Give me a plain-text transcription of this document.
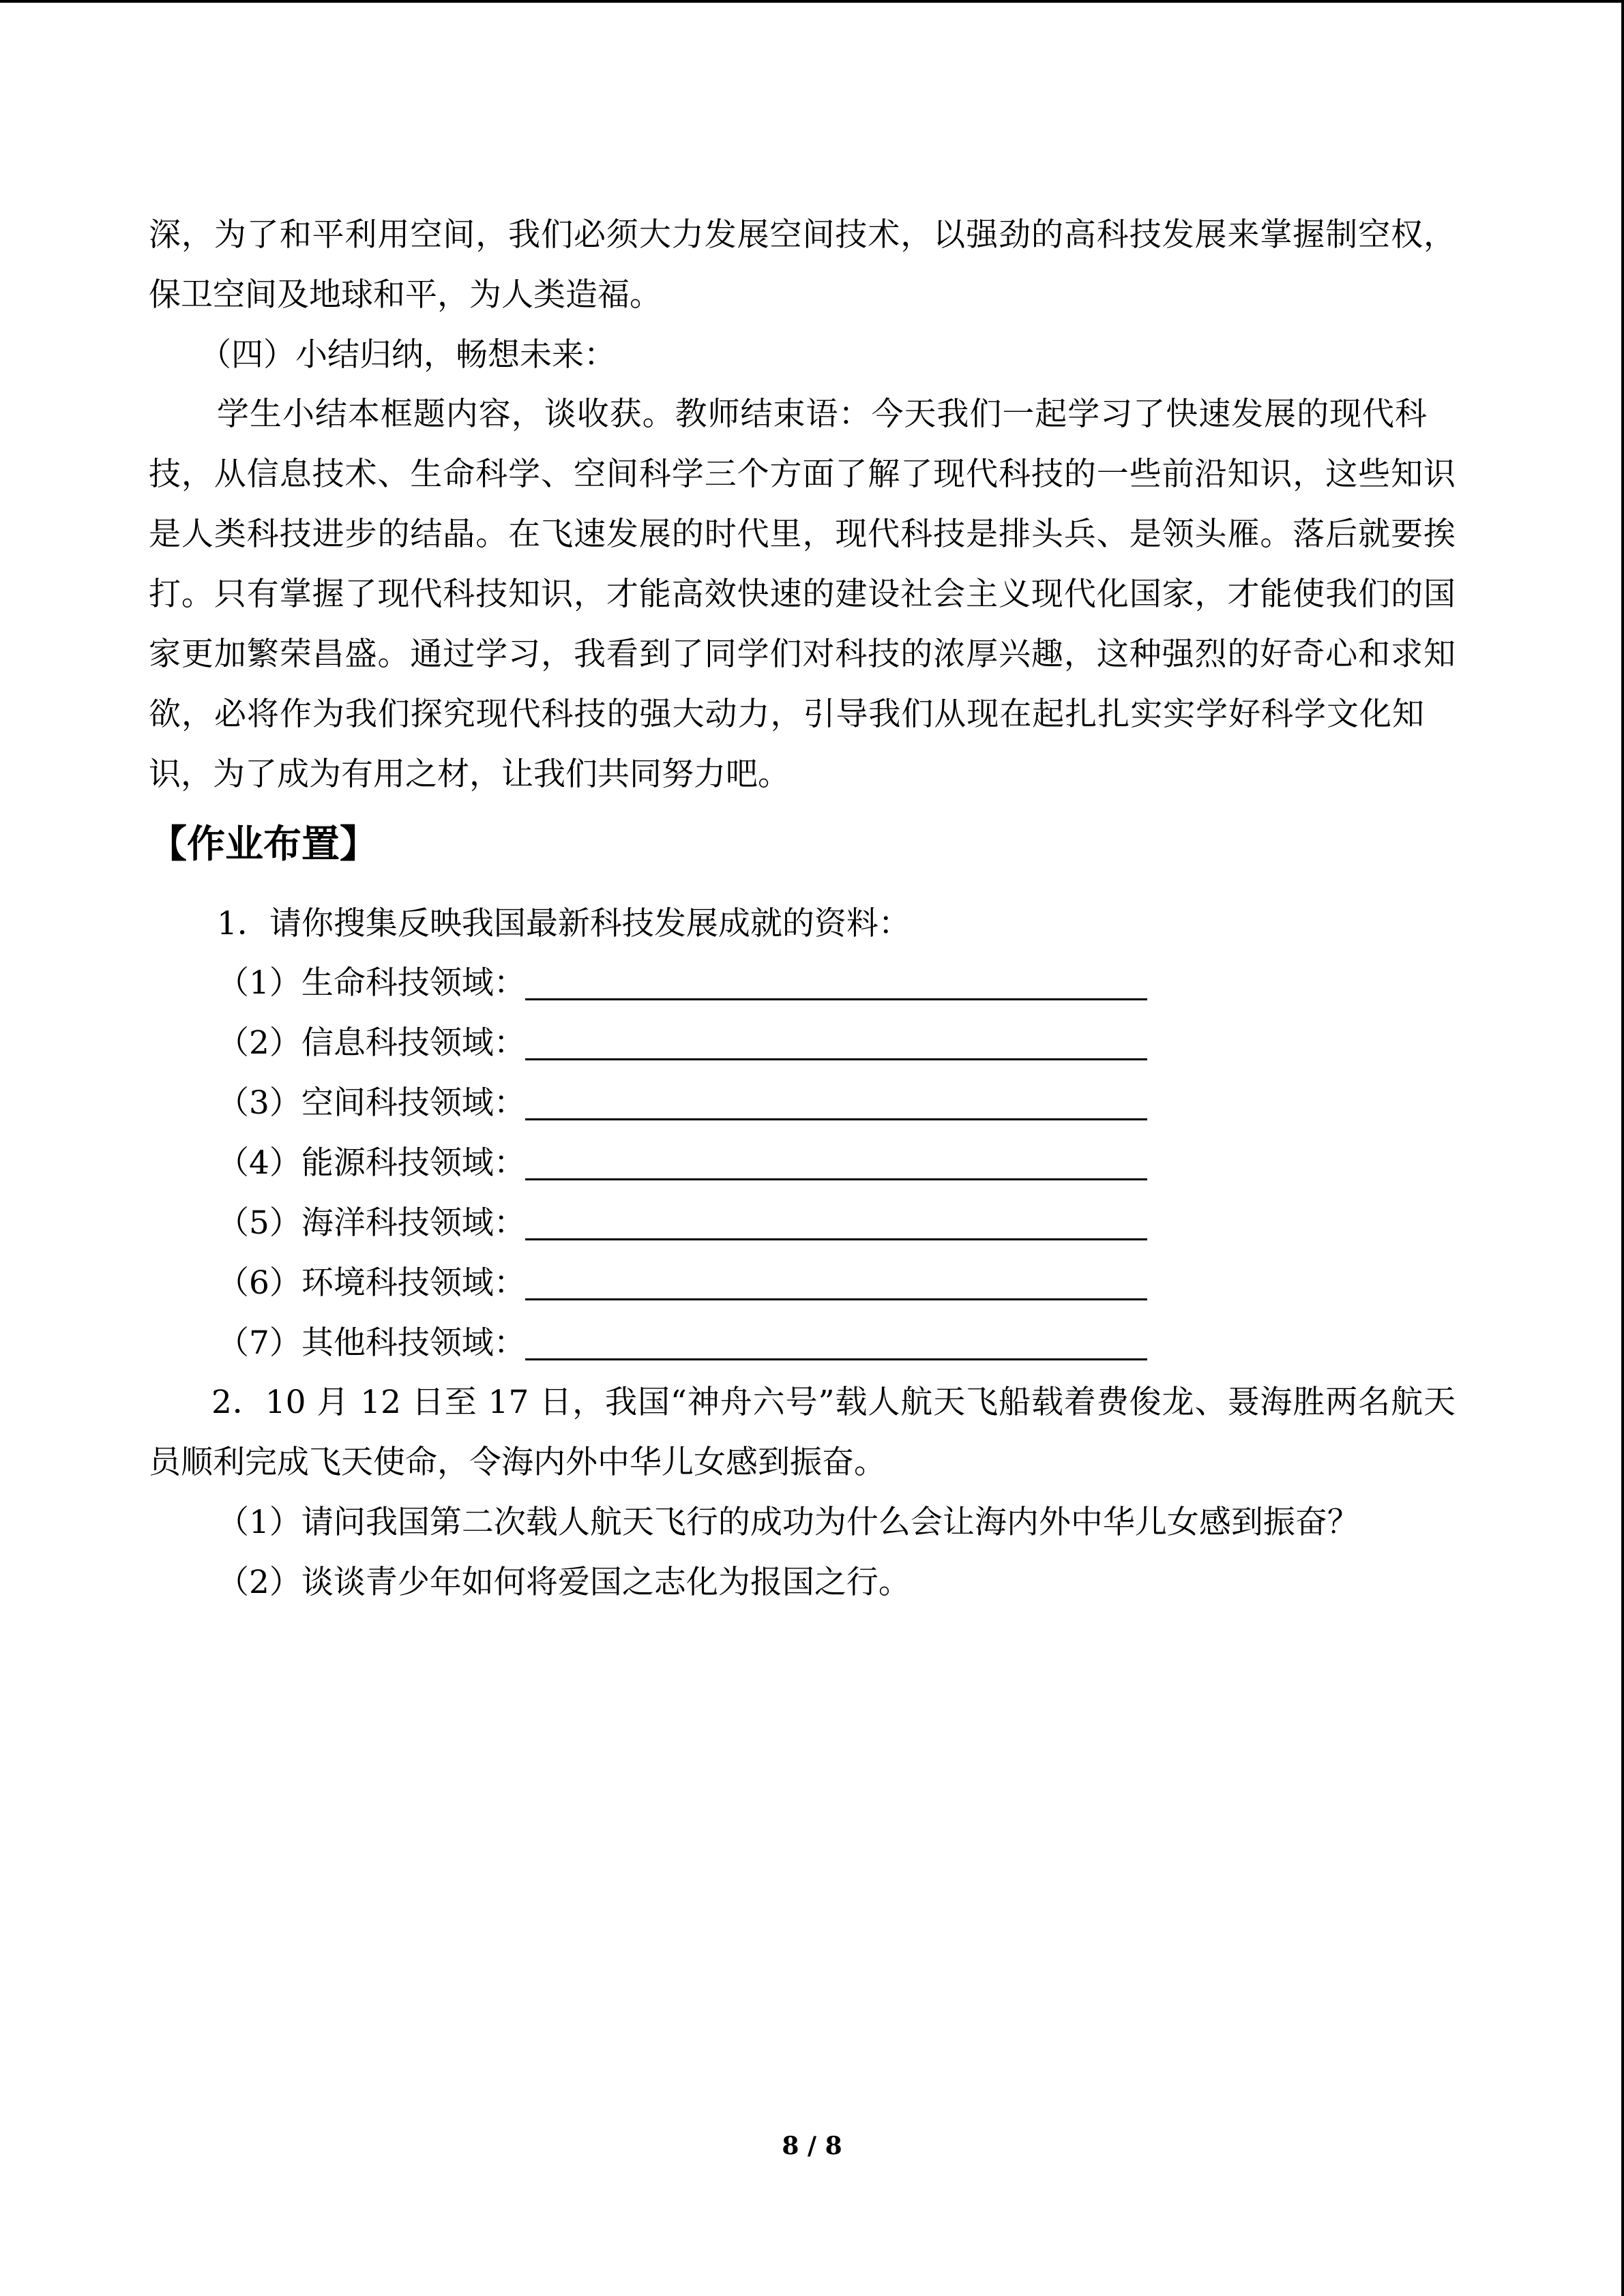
深，为了和平利用空间，我们必须大力发展空间技术，以强劲的高科技发展来掌握制空权，
保卫空间及地球和平，为人类造福。
（四）小结归纳，畅想未来：
学生小结本框题内容，谈收获。教师结束语：今天我们一起学习了快速发展的现代科
技，从信息技术、生命科学、空间科学三个方面了解了现代科技的一些前沿知识，这些知识
是人类科技进步的结晶。在飞速发展的时代里，现代科技是排头兵、是领头雁。落后就要挨
打。只有掌握了现代科技知识，才能高效快速的建设社会主义现代化国家，才能使我们的国
家更加繁荣昌盛。通过学习，我看到了同学们对科技的浓厚兴趣，这种强烈的好奇心和求知
欲，必将作为我们探究现代科技的强大动力，引导我们从现在起扎扎实实学好科学文化知
识，为了成为有用之材，让我们共同努力吧。
【作业布置】
1．请你搜集反映我国最新科技发展成就的资料：
（1）生命科技领域：
（2）信息科技领域：
（3）空间科技领域：
（4）能源科技领域：
（5）海洋科技领域：
（6）环境科技领域：
（7）其他科技领域：
2．10 月 12 日至 17 日，我国“神舟六号”载人航天飞船载着费俊龙、聂海胜两名航天
员顺利完成飞天使命，令海内外中华儿女感到振奋。
（1）请问我国第二次载人航天飞行的成功为什么会让海内外中华儿女感到振奋？
（2）谈谈青少年如何将爱国之志化为报国之行。
8 / 8
